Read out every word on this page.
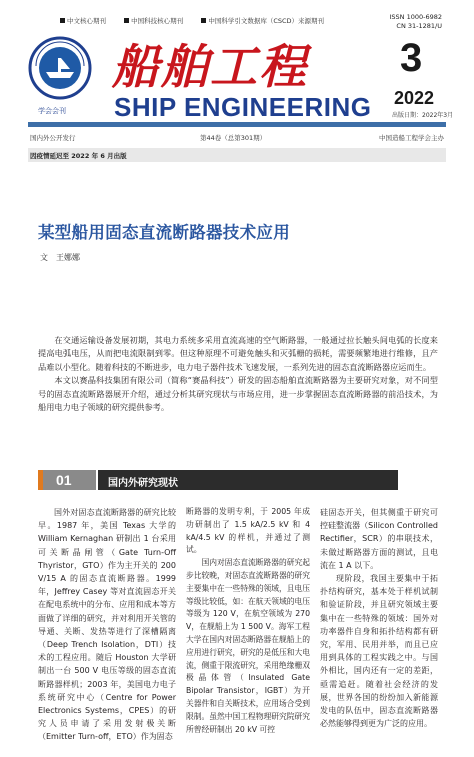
中文核心期刊	中国科技核心期刊	中国科学引文数据库（CSCD）来源期刊	ISSN 1000-6982
CN 31-1281/U
学会会刊
船舶工程
SHIP ENGINEERING
3
2022
出版日期：2022年3月
国内外公开发行	第44卷（总第301期）	中国造船工程学会主办
因疫情延迟至 2022 年 6 月出版
某型船用固态直流断路器技术应用
文　王娜娜

在交通运输设备发展初期，其电力系统多采用直流高速的空气断路器，一般通过拉长触头间电弧的长度来提高电弧电压，从而把电流限制到零。但这种原理不可避免触头和灭弧栅的损耗，需要频繁地进行维修，且产品难以小型化。随着科技的不断进步，电力电子器件技术飞速发展，一系列先进的固态直流断路器应运而生。

本文以赛晶科技集团有限公司（简称“赛晶科技”）研发的固态船舶直流断路器为主要研究对象，对不同型号的固态直流断路器展开介绍，通过分析其研究现状与市场应用，进一步掌握固态直流断路器的前沿技术，为船用电力电子领域的研究提供参考。

01	国内外研究现状

国外对固态直流断路器的研究比较早。1987 年，美国 Texas 大学的 William Kernaghan 研制出 1 台采用可关断晶闸管（Gate Turn-Off Thyristor，GTO）作为主开关的 200 V/15 A 的固态直流断路器。1999 年，Jeffrey Casey 等对直流固态开关在配电系统中的分布、应用和成本等方面做了详细的研究，并对利用开关管的导通、关断、发热等进行了深槽隔离（Deep Trench Isolation，DTI）技术的工程应用。随后 Houston 大学研制出一台 500 V 电压等级的固态直流断路器样机；2003 年，美国电力电子系统研究中心（Centre for Power Electronics Systems，CPES）的研究人员申请了采用发射极关断（Emitter Turn-off，ETO）作为固态

断路器的发明专利，于 2005 年成功研制出了 1.5 kA/2.5 kV 和 4 kA/4.5 kV 的样机，并通过了测试。

国内对固态直流断路器的研究起步比较晚，对固态直流断路器的研究主要集中在一些特殊的领域，且电压等级比较低，如：在航天领域的电压等级为 120 V，在航空领域为 270 V，在舰船上为 1 500 V。海军工程大学在国内对固态断路器在舰船上的应用进行研究，研究的是低压和大电流，侧重于限流研究，采用绝缘栅双极晶体管（Insulated Gate Bipolar Transistor，IGBT）为开关器件和自关断技术，应用场合受到限制。虽然中国工程物理研究院研究所曾经研制出 20 kV 可控

硅固态开关，但其侧重于研究可控硅整流器（Silicon Controlled Rectifier，SCR）的串联技术，未做过断路器方面的测试，且电流在 1 A 以下。

现阶段，我国主要集中于拓扑结构研究，基本处于样机试制和验证阶段，并且研究领域主要集中在一些特殊的领域：国外对功率器件自身和拓扑结构都有研究，军用、民用并举，而且已应用到具体的工程实践之中。与国外相比，国内还有一定的差距，亟需追赶。随着社会经济的发展，世界各国的纷纷加入新能源发电的队伍中，固态直流断路器必然能够得到更为广泛的应用。
